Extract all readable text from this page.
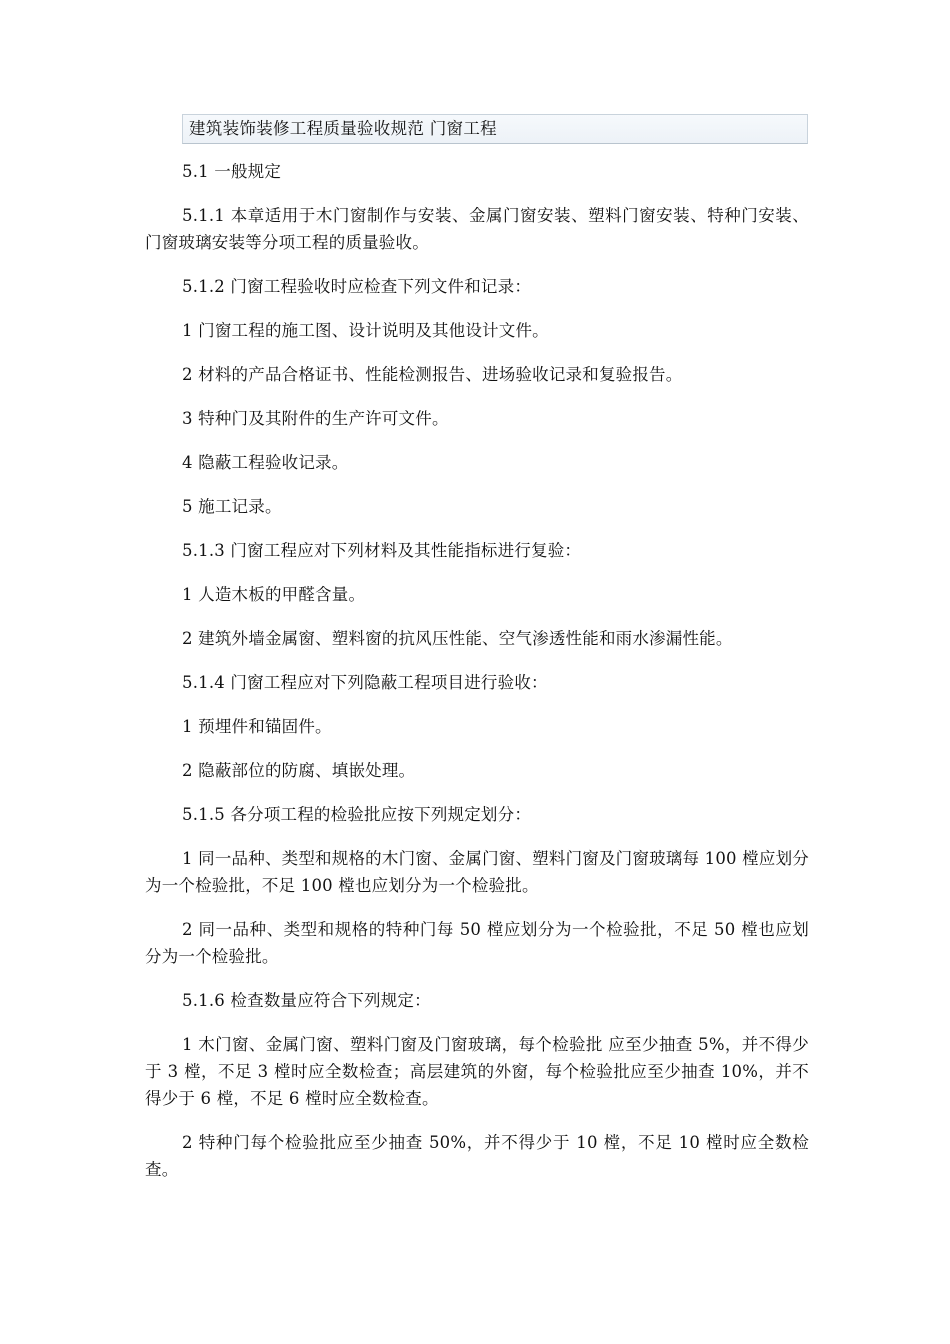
建筑装饰装修工程质量验收规范 门窗工程

5.1 一般规定

5.1.1 本章适用于木门窗制作与安装、金属门窗安装、塑料门窗安装、特种门安装、门窗玻璃安装等分项工程的质量验收。

5.1.2 门窗工程验收时应检查下列文件和记录：

1 门窗工程的施工图、设计说明及其他设计文件。

2 材料的产品合格证书、性能检测报告、进场验收记录和复验报告。

3 特种门及其附件的生产许可文件。

4 隐蔽工程验收记录。

5 施工记录。

5.1.3 门窗工程应对下列材料及其性能指标进行复验：

1 人造木板的甲醛含量。

2 建筑外墙金属窗、塑料窗的抗风压性能、空气渗透性能和雨水渗漏性能。

5.1.4 门窗工程应对下列隐蔽工程项目进行验收：

1 预埋件和锚固件。

2 隐蔽部位的防腐、填嵌处理。

5.1.5 各分项工程的检验批应按下列规定划分：

1 同一品种、类型和规格的木门窗、金属门窗、塑料门窗及门窗玻璃每 100 樘应划分为一个检验批，不足 100 樘也应划分为一个检验批。

2 同一品种、类型和规格的特种门每 50 樘应划分为一个检验批，不足 50 樘也应划分为一个检验批。

5.1.6 检查数量应符合下列规定：

1 木门窗、金属门窗、塑料门窗及门窗玻璃，每个检验批 应至少抽查 5%，并不得少于 3 樘，不足 3 樘时应全数检查；高层建筑的外窗，每个检验批应至少抽查 10%，并不得少于 6 樘，不足 6 樘时应全数检查。

2 特种门每个检验批应至少抽查 50%，并不得少于 10 樘，不足 10 樘时应全数检查。
